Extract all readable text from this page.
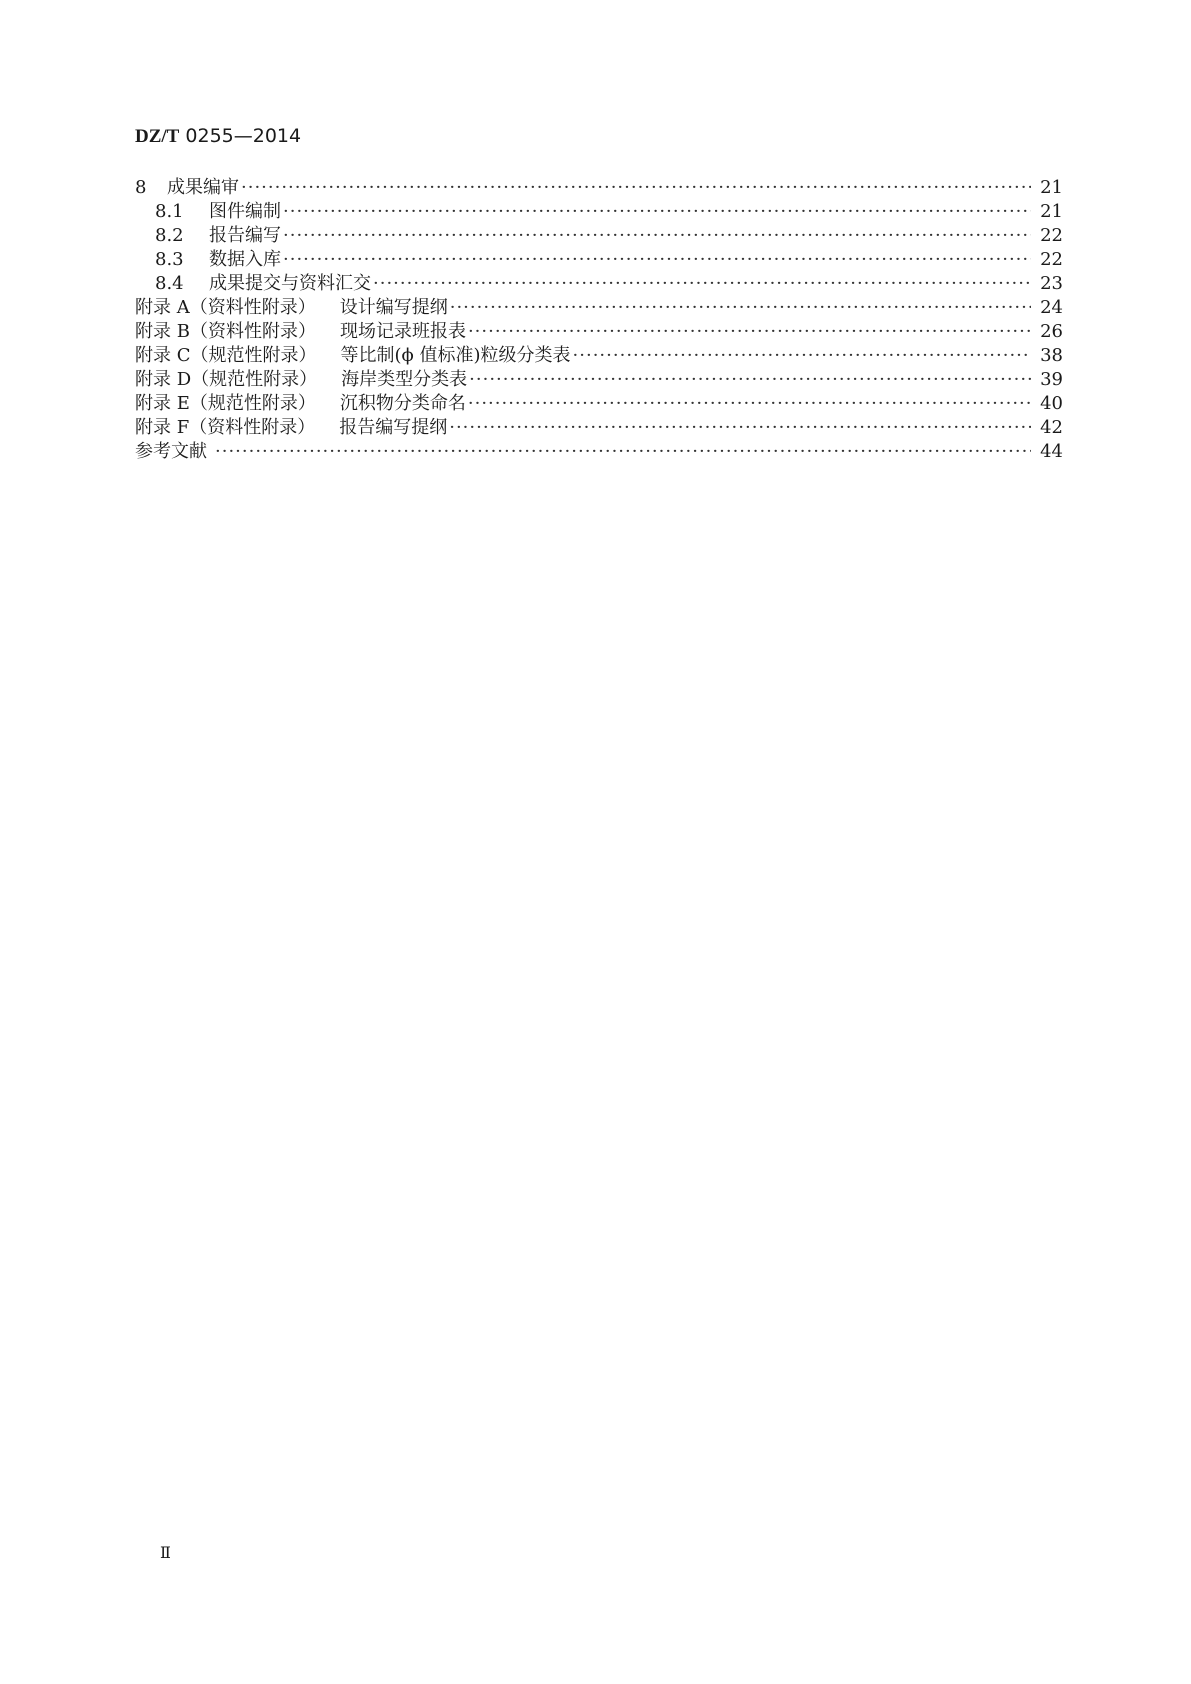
DZ/T 0255—2014
8	成果编审 ·····	21
8.1	图件编制 ·····	21
8.2	报告编写 ·····	22
8.3	数据入库 ·····	22
8.4	成果提交与资料汇交 ·····	23
附录 A（资料性附录） 设计编写提纲 ·····	24
附录 B（资料性附录） 现场记录班报表 ·····	26
附录 C（规范性附录） 等比制(ϕ 值标准)粒级分类表 ·····	38
附录 D（规范性附录） 海岸类型分类表 ·····	39
附录 E（规范性附录） 沉积物分类命名 ·····	40
附录 F（资料性附录） 报告编写提纲 ·····	42
参考文献 ·····	44
Ⅱ
